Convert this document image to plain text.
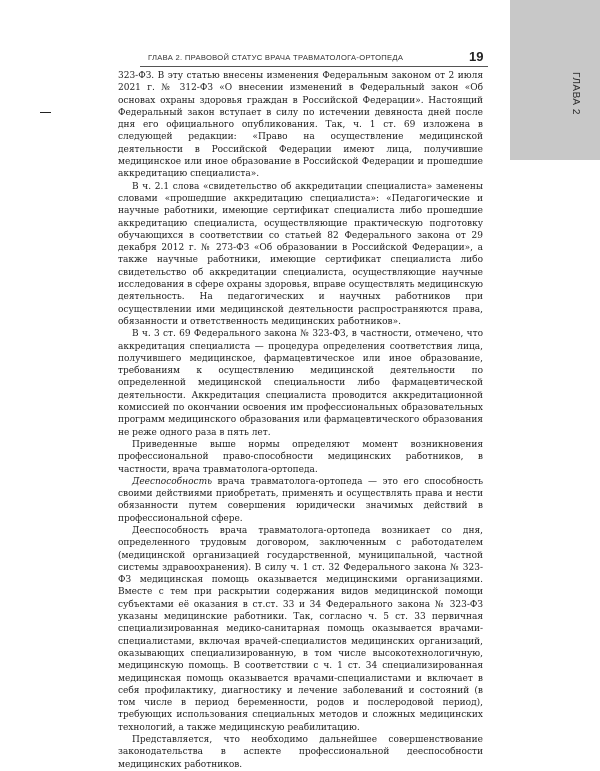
ГЛАВА 2
ГЛАВА 2. ПРАВОВОЙ СТАТУС ВРАЧА ТРАВМАТОЛОГА-ОРТОПЕДА	19

323-ФЗ. В эту статью внесены изменения Федеральным законом от 2 июля 2021 г. № 312-ФЗ «О внесении изменений в Федеральный закон «Об основах охраны здоровья граждан в Российской Федерации». Настоящий Федеральный закон вступает в силу по истечении девяноста дней после дня его официального опубликования. Так, ч. 1 ст. 69 изложена в следующей редакции: «Право на осуществление медицинской деятельности в Российской Федерации имеют лица, получившие медицинское или иное образование в Российской Федерации и прошедшие аккредитацию специалиста».

В ч. 2.1 слова «свидетельство об аккредитации специалиста» заменены словами «прошедшие аккредитацию специалиста»: «Педагогические и научные работники, имеющие сертификат специалиста либо прошедшие аккредитацию специалиста, осуществляющие практическую подготовку обучающихся в соответствии со статьей 82 Федерального закона от 29 декабря 2012 г. № 273-ФЗ «Об образовании в Российской Федерации», а также научные работники, имеющие сертификат специалиста либо свидетельство об аккредитации специалиста, осуществляющие научные исследования в сфере охраны здоровья, вправе осуществлять медицинскую деятельность. На педагогических и научных работников при осуществлении ими медицинской деятельности распространяются права, обязанности и ответственность медицинских работников».

В ч. 3 ст. 69 Федерального закона № 323-ФЗ, в частности, отмечено, что аккредитация специалиста — процедура определения соответствия лица, получившего медицинское, фармацевтическое или иное образование, требованиям к осуществлению медицинской деятельности по определенной медицинской специальности либо фармацевтической деятельности. Аккредитация специалиста проводится аккредитационной комиссией по окончании освоения им профессиональных образовательных программ медицинского образования или фармацевтического образования не реже одного раза в пять лет.

Приведенные выше нормы определяют момент возникновения профессиональной право-способности медицинских работников, в частности, врача травматолога-ортопеда.

Дееспособность врача травматолога-ортопеда — это его способность своими действиями приобретать, применять и осуществлять права и нести обязанности путем совершения юридически значимых действий в профессиональной сфере.

Дееспособность врача травматолога-ортопеда возникает со дня, определенного трудовым договором, заключенным с работодателем (медицинской организацией государственной, муниципальной, частной системы здравоохранения). В силу ч. 1 ст. 32 Федерального закона № 323-ФЗ медицинская помощь оказывается медицинскими организациями. Вместе с тем при раскрытии содержания видов медицинской помощи субъектами её оказания в ст.ст. 33 и 34 Федерального закона № 323-ФЗ указаны медицинские работники. Так, согласно ч. 5 ст. 33 первичная специализированная медико-санитарная помощь оказывается врачами-специалистами, включая врачей-специалистов медицинских организаций, оказывающих специализированную, в том числе высокотехнологичную, медицинскую помощь. В соответствии с ч. 1 ст. 34 специализированная медицинская помощь оказывается врачами-специалистами и включает в себя профилактику, диагностику и лечение заболеваний и состояний (в том числе в период беременности, родов и послеродовой период), требующих использования специальных методов и сложных медицинских технологий, а также медицинскую реабилитацию.

Представляется, что необходимо дальнейшее совершенствование законодательства в аспекте профессиональной дееспособности медицинских работников.
